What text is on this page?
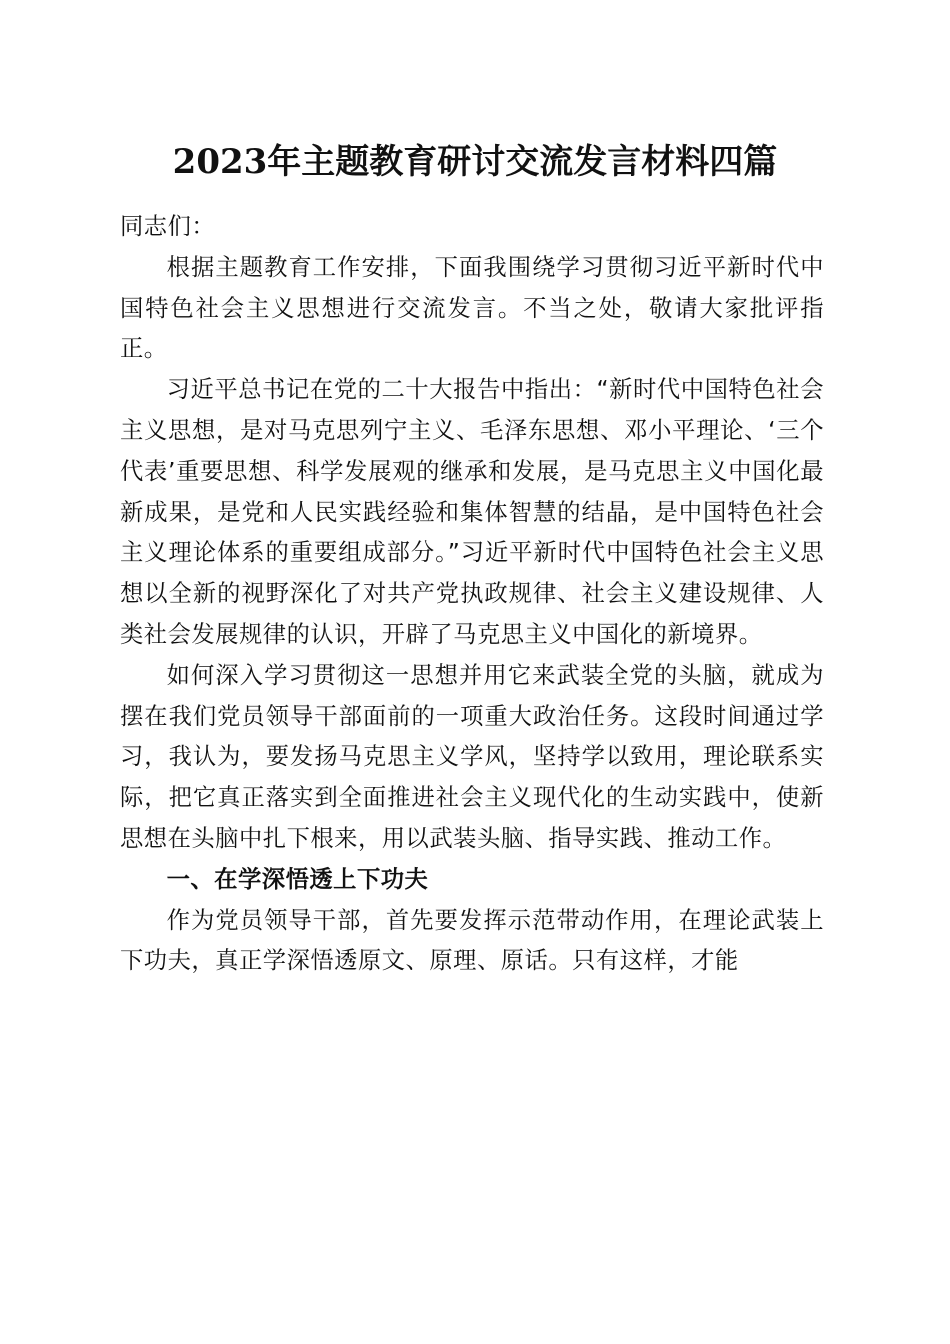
2023年主题教育研讨交流发言材料四篇

同志们：

根据主题教育工作安排，下面我围绕学习贯彻习近平新时代中国特色社会主义思想进行交流发言。不当之处，敬请大家批评指正。

习近平总书记在党的二十大报告中指出：“新时代中国特色社会主义思想，是对马克思列宁主义、毛泽东思想、邓小平理论、‘三个代表’重要思想、科学发展观的继承和发展，是马克思主义中国化最新成果，是党和人民实践经验和集体智慧的结晶，是中国特色社会主义理论体系的重要组成部分。”习近平新时代中国特色社会主义思想以全新的视野深化了对共产党执政规律、社会主义建设规律、人类社会发展规律的认识，开辟了马克思主义中国化的新境界。

如何深入学习贯彻这一思想并用它来武装全党的头脑，就成为摆在我们党员领导干部面前的一项重大政治任务。这段时间通过学习，我认为，要发扬马克思主义学风，坚持学以致用，理论联系实际，把它真正落实到全面推进社会主义现代化的生动实践中，使新思想在头脑中扎下根来，用以武装头脑、指导实践、推动工作。

一、在学深悟透上下功夫

作为党员领导干部，首先要发挥示范带动作用，在理论武装上下功夫，真正学深悟透原文、原理、原话。只有这样，才能
